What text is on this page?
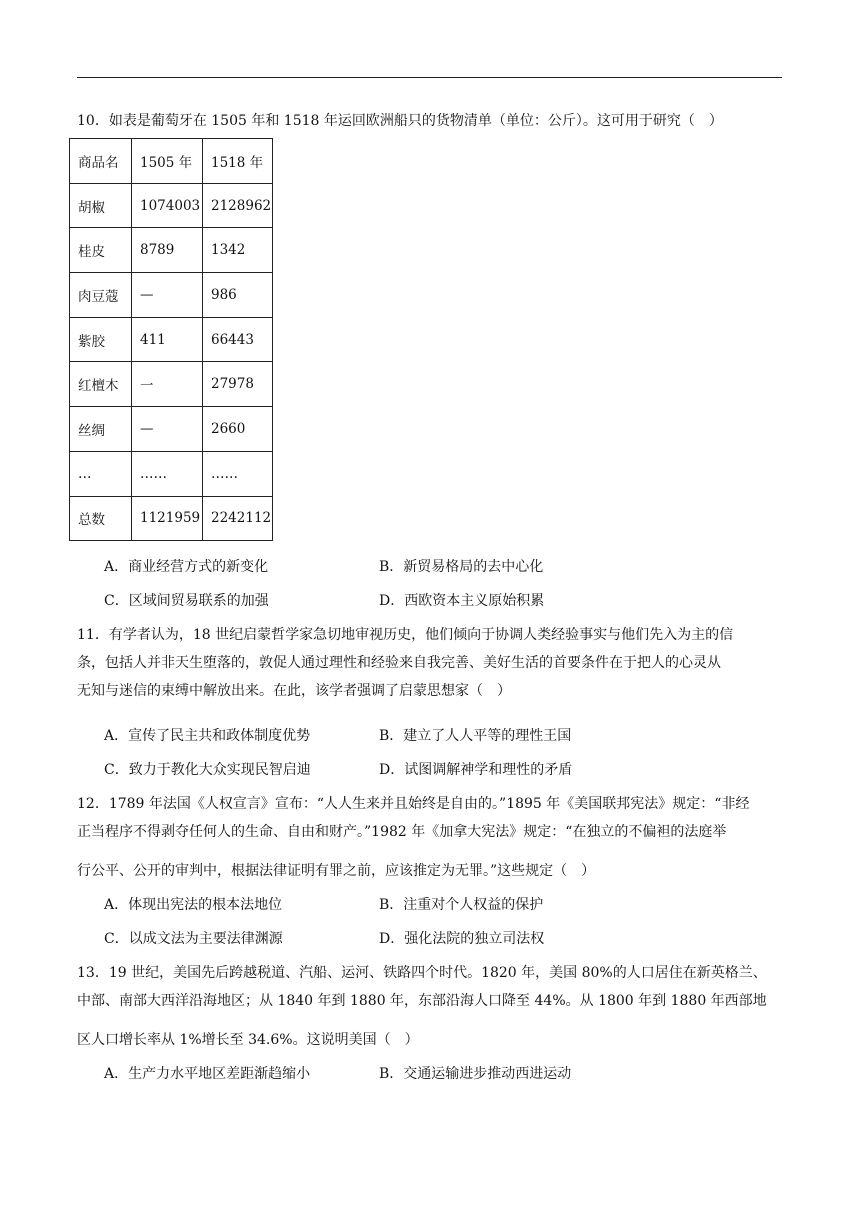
10．如表是葡萄牙在 1505 年和 1518 年运回欧洲船只的货物清单（单位：公斤）。这可用于研究（　）
商品名	1505 年	1518 年
胡椒	1074003	2128962
桂皮	8789	1342
肉豆蔻	—	986
紫胶	411	66443
红檀木	一	27978
丝绸	—	2660
…	……	……
总数	1121959	2242112
A．商业经营方式的新变化	B．新贸易格局的去中心化
C．区域间贸易联系的加强	D．西欧资本主义原始积累
11．有学者认为，18 世纪启蒙哲学家急切地审视历史，他们倾向于协调人类经验事实与他们先入为主的信
条，包括人并非天生堕落的，敦促人通过理性和经验来自我完善、美好生活的首要条件在于把人的心灵从
无知与迷信的束缚中解放出来。在此，该学者强调了启蒙思想家（　）
A．宣传了民主共和政体制度优势	B．建立了人人平等的理性王国
C．致力于教化大众实现民智启迪	D．试图调解神学和理性的矛盾
12．1789 年法国《人权宣言》宣布：“人人生来并且始终是自由的。”1895 年《美国联邦宪法》规定：“非经
正当程序不得剥夺任何人的生命、自由和财产。”1982 年《加拿大宪法》规定：“在独立的不偏袒的法庭举
行公平、公开的审判中，根据法律证明有罪之前，应该推定为无罪。”这些规定（　）
A．体现出宪法的根本法地位	B．注重对个人权益的保护
C．以成文法为主要法律渊源	D．强化法院的独立司法权
13．19 世纪，美国先后跨越税道、汽船、运河、铁路四个时代。1820 年，美国 80%的人口居住在新英格兰、
中部、南部大西洋沿海地区；从 1840 年到 1880 年，东部沿海人口降至 44%。从 1800 年到 1880 年西部地
区人口增长率从 1%增长至 34.6%。这说明美国（　）
A．生产力水平地区差距渐趋缩小	B．交通运输进步推动西进运动
